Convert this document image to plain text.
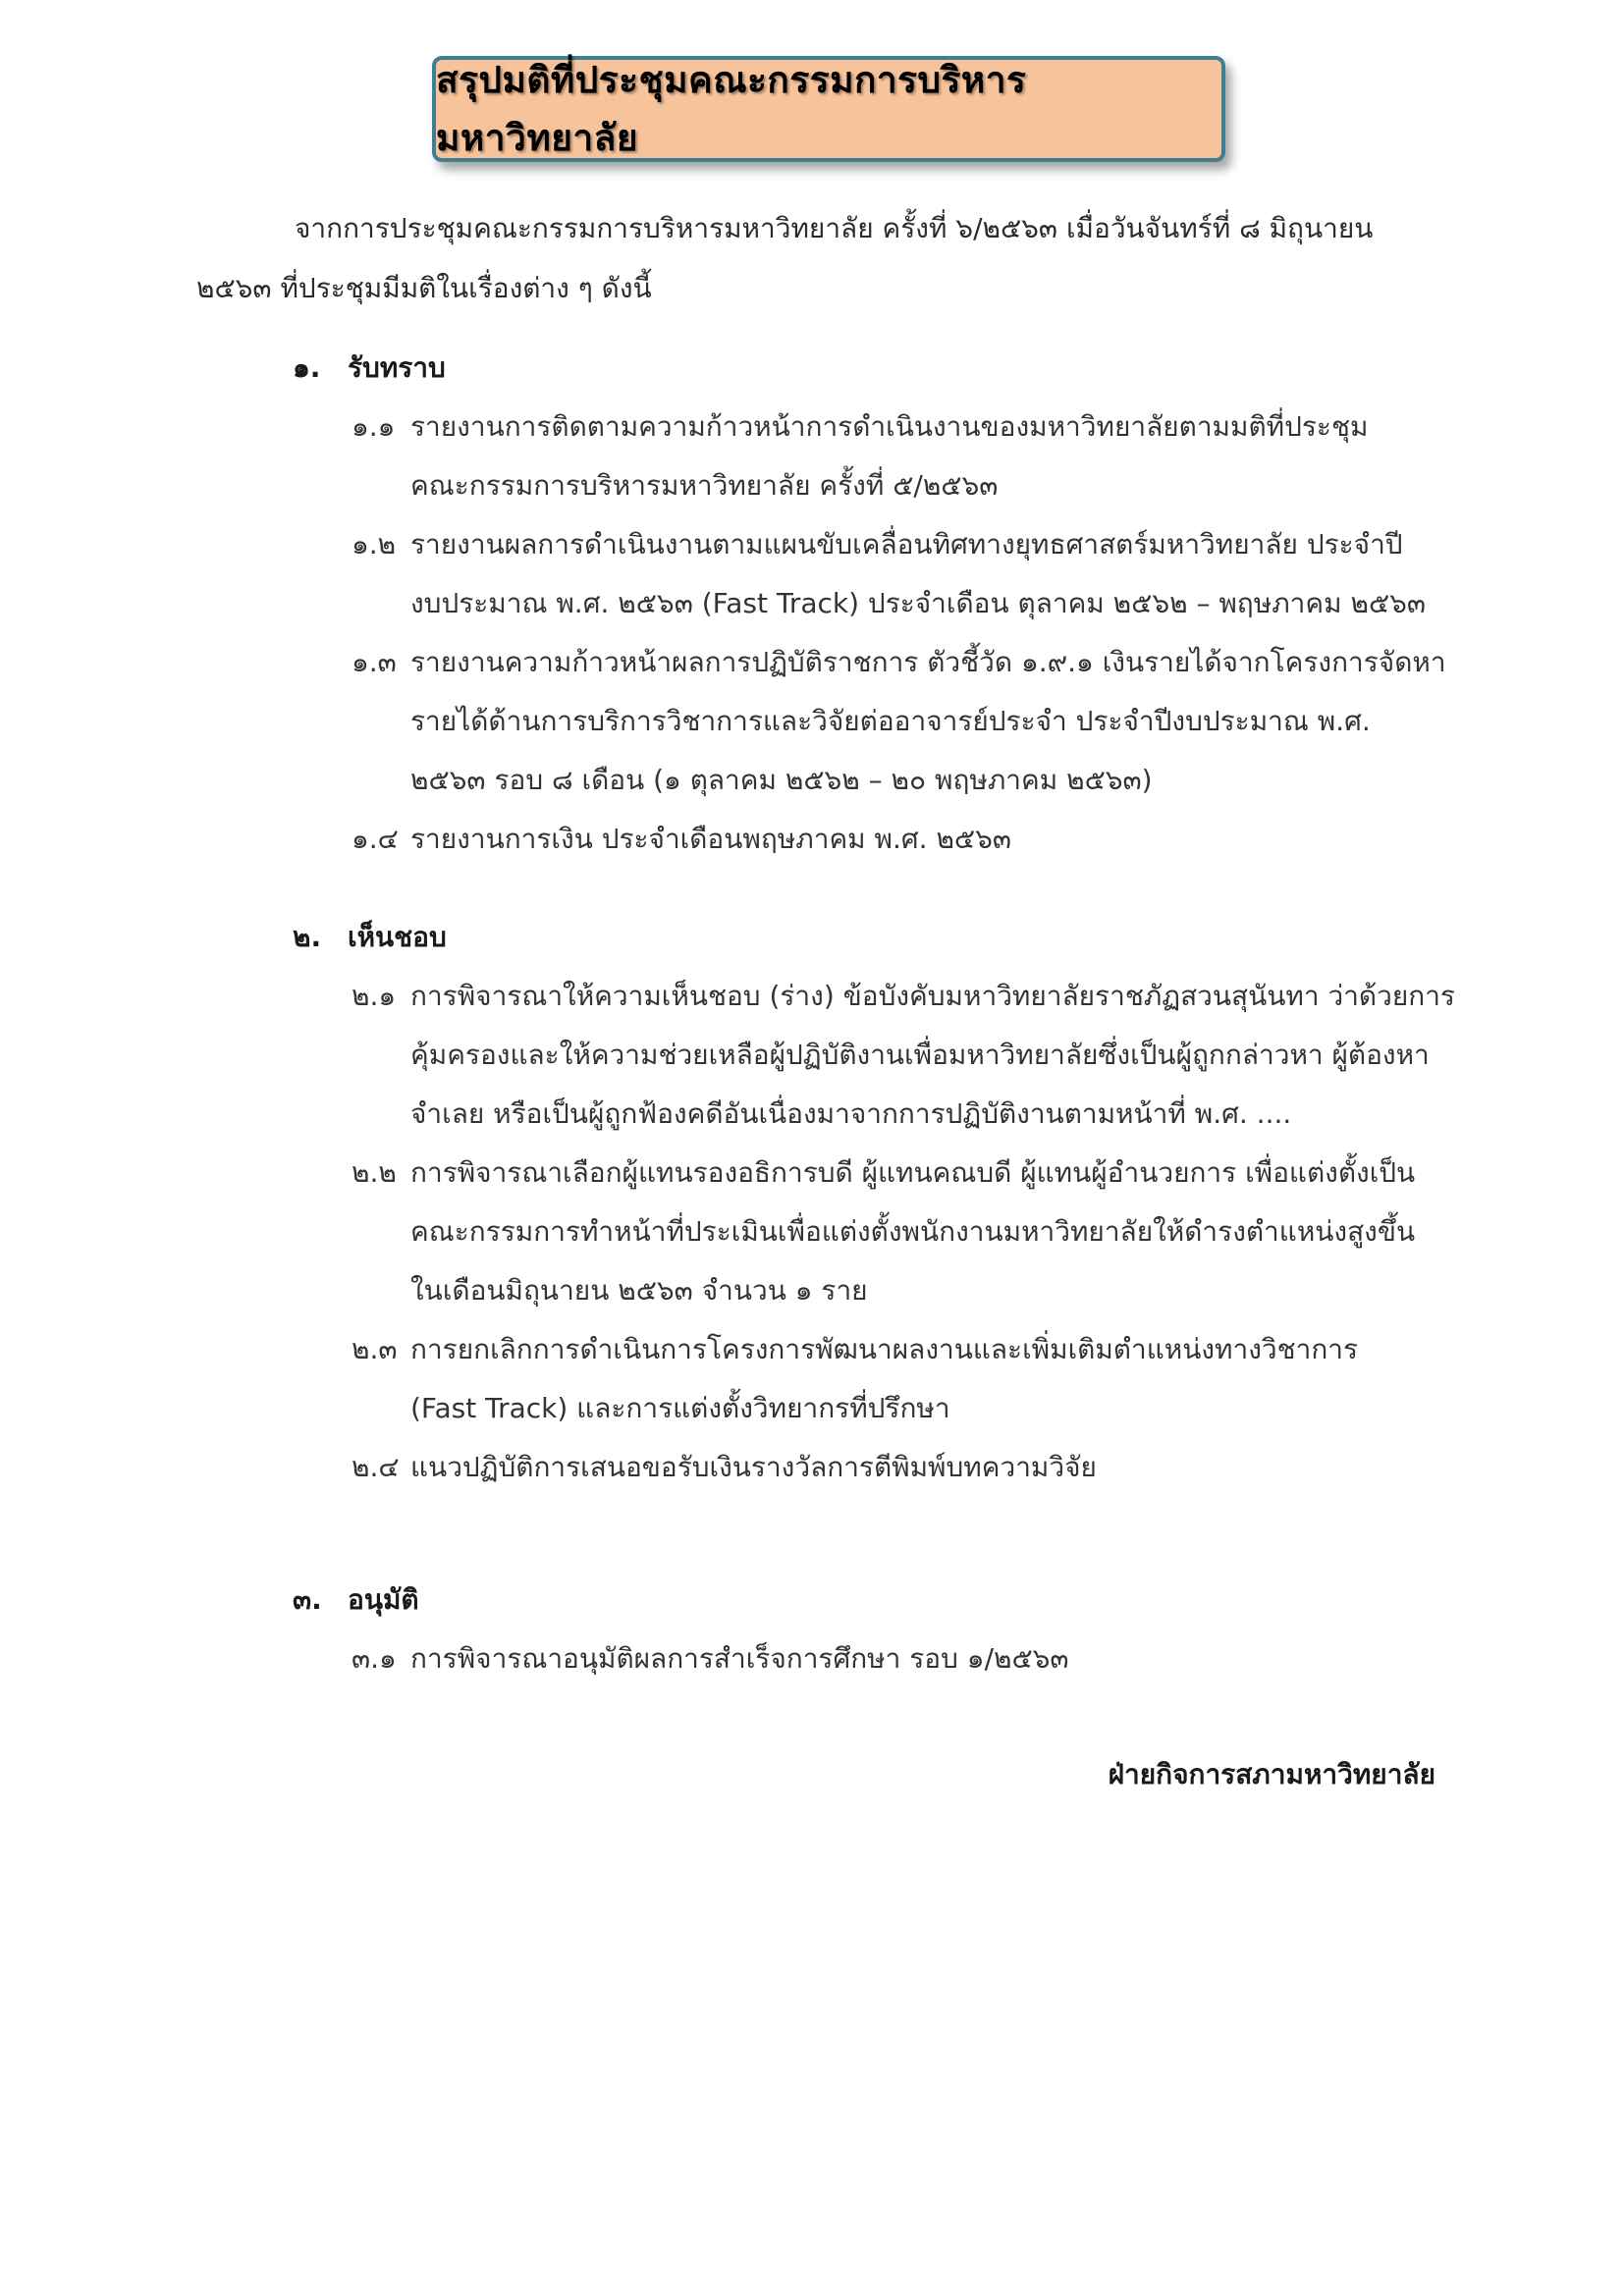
สรุปมติที่ประชุมคณะกรรมการบริหารมหาวิทยาลัย

จากการประชุมคณะกรรมการบริหารมหาวิทยาลัย ครั้งที่ ๖/๒๕๖๓ เมื่อวันจันทร์ที่ ๘ มิถุนายน
๒๕๖๓ ที่ประชุมมีมติในเรื่องต่าง ๆ ดังนี้

๑. รับทราบ
๑.๑ รายงานการติดตามความก้าวหน้าการดำเนินงานของมหาวิทยาลัยตามมติที่ประชุม
คณะกรรมการบริหารมหาวิทยาลัย ครั้งที่ ๕/๒๕๖๓
๑.๒ รายงานผลการดำเนินงานตามแผนขับเคลื่อนทิศทางยุทธศาสตร์มหาวิทยาลัย ประจำปี
งบประมาณ พ.ศ. ๒๕๖๓ (Fast Track) ประจำเดือน ตุลาคม ๒๕๖๒ – พฤษภาคม ๒๕๖๓
๑.๓ รายงานความก้าวหน้าผลการปฏิบัติราชการ ตัวชี้วัด ๑.๙.๑ เงินรายได้จากโครงการจัดหา
รายได้ด้านการบริการวิชาการและวิจัยต่ออาจารย์ประจำ ประจำปีงบประมาณ พ.ศ.
๒๕๖๓ รอบ ๘ เดือน (๑ ตุลาคม ๒๕๖๒ – ๒๐ พฤษภาคม ๒๕๖๓)
๑.๔ รายงานการเงิน ประจำเดือนพฤษภาคม พ.ศ. ๒๕๖๓
๒. เห็นชอบ
๒.๑ การพิจารณาให้ความเห็นชอบ (ร่าง) ข้อบังคับมหาวิทยาลัยราชภัฏสวนสุนันทา ว่าด้วยการ
คุ้มครองและให้ความช่วยเหลือผู้ปฏิบัติงานเพื่อมหาวิทยาลัยซึ่งเป็นผู้ถูกกล่าวหา ผู้ต้องหา
จำเลย หรือเป็นผู้ถูกฟ้องคดีอันเนื่องมาจากการปฏิบัติงานตามหน้าที่ พ.ศ. ....
๒.๒ การพิจารณาเลือกผู้แทนรองอธิการบดี ผู้แทนคณบดี ผู้แทนผู้อำนวยการ เพื่อแต่งตั้งเป็น
คณะกรรมการทำหน้าที่ประเมินเพื่อแต่งตั้งพนักงานมหาวิทยาลัยให้ดำรงตำแหน่งสูงขึ้น
ในเดือนมิถุนายน ๒๕๖๓ จำนวน ๑ ราย
๒.๓ การยกเลิกการดำเนินการโครงการพัฒนาผลงานและเพิ่มเติมตำแหน่งทางวิชาการ
(Fast Track) และการแต่งตั้งวิทยากรที่ปรึกษา
๒.๔ แนวปฏิบัติการเสนอขอรับเงินรางวัลการตีพิมพ์บทความวิจัย
๓. อนุมัติ
๓.๑ การพิจารณาอนุมัติผลการสำเร็จการศึกษา รอบ ๑/๒๕๖๓
ฝ่ายกิจการสภามหาวิทยาลัย
